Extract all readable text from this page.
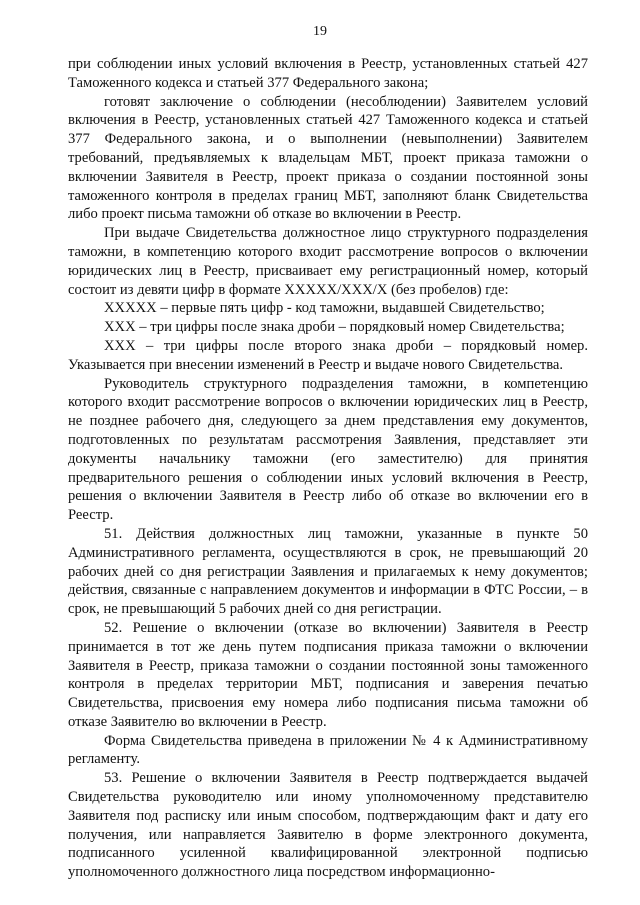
19

при соблюдении иных условий включения в Реестр, установленных статьей 427 Таможенного кодекса и статьей 377 Федерального закона;

готовят заключение о соблюдении (несоблюдении) Заявителем условий включения в Реестр, установленных статьей 427 Таможенного кодекса и статьей 377 Федерального закона, и о выполнении (невыполнении) Заявителем требований, предъявляемых к владельцам МБТ, проект приказа таможни о включении Заявителя в Реестр, проект приказа о создании постоянной зоны таможенного контроля в пределах границ МБТ, заполняют бланк Свидетельства либо проект письма таможни об отказе во включении в Реестр.

При выдаче Свидетельства должностное лицо структурного подразделения таможни, в компетенцию которого входит рассмотрение вопросов о включении юридических лиц в Реестр, присваивает ему регистрационный номер, который состоит из девяти цифр в формате XXXXX/XXX/X (без пробелов) где:

XXXXX – первые пять цифр - код таможни, выдавшей Свидетельство;

XXX – три цифры после знака дроби – порядковый номер Свидетельства;

XXX – три цифры после второго знака дроби – порядковый номер. Указывается при внесении изменений в Реестр и выдаче нового Свидетельства.

Руководитель структурного подразделения таможни, в компетенцию которого входит рассмотрение вопросов о включении юридических лиц в Реестр, не позднее рабочего дня, следующего за днем представления ему документов, подготовленных по результатам рассмотрения Заявления, представляет эти документы начальнику таможни (его заместителю) для принятия предварительного решения о соблюдении иных условий включения в Реестр, решения о включении Заявителя в Реестр либо об отказе во включении его в Реестр.

51. Действия должностных лиц таможни, указанные в пункте 50 Административного регламента, осуществляются в срок, не превышающий 20 рабочих дней со дня регистрации Заявления и прилагаемых к нему документов; действия, связанные с направлением документов и информации в ФТС России, – в срок, не превышающий 5 рабочих дней со дня регистрации.

52. Решение о включении (отказе во включении) Заявителя в Реестр принимается в тот же день путем подписания приказа таможни о включении Заявителя в Реестр, приказа таможни о создании постоянной зоны таможенного контроля в пределах территории МБТ, подписания и заверения печатью Свидетельства, присвоения ему номера либо подписания письма таможни об отказе Заявителю во включении в Реестр.

Форма Свидетельства приведена в приложении № 4 к Административному регламенту.

53. Решение о включении Заявителя в Реестр подтверждается выдачей Свидетельства руководителю или иному уполномоченному представителю Заявителя под расписку или иным способом, подтверждающим факт и дату его получения, или направляется Заявителю в форме электронного документа, подписанного усиленной квалифицированной электронной подписью уполномоченного должностного лица посредством информационно-
